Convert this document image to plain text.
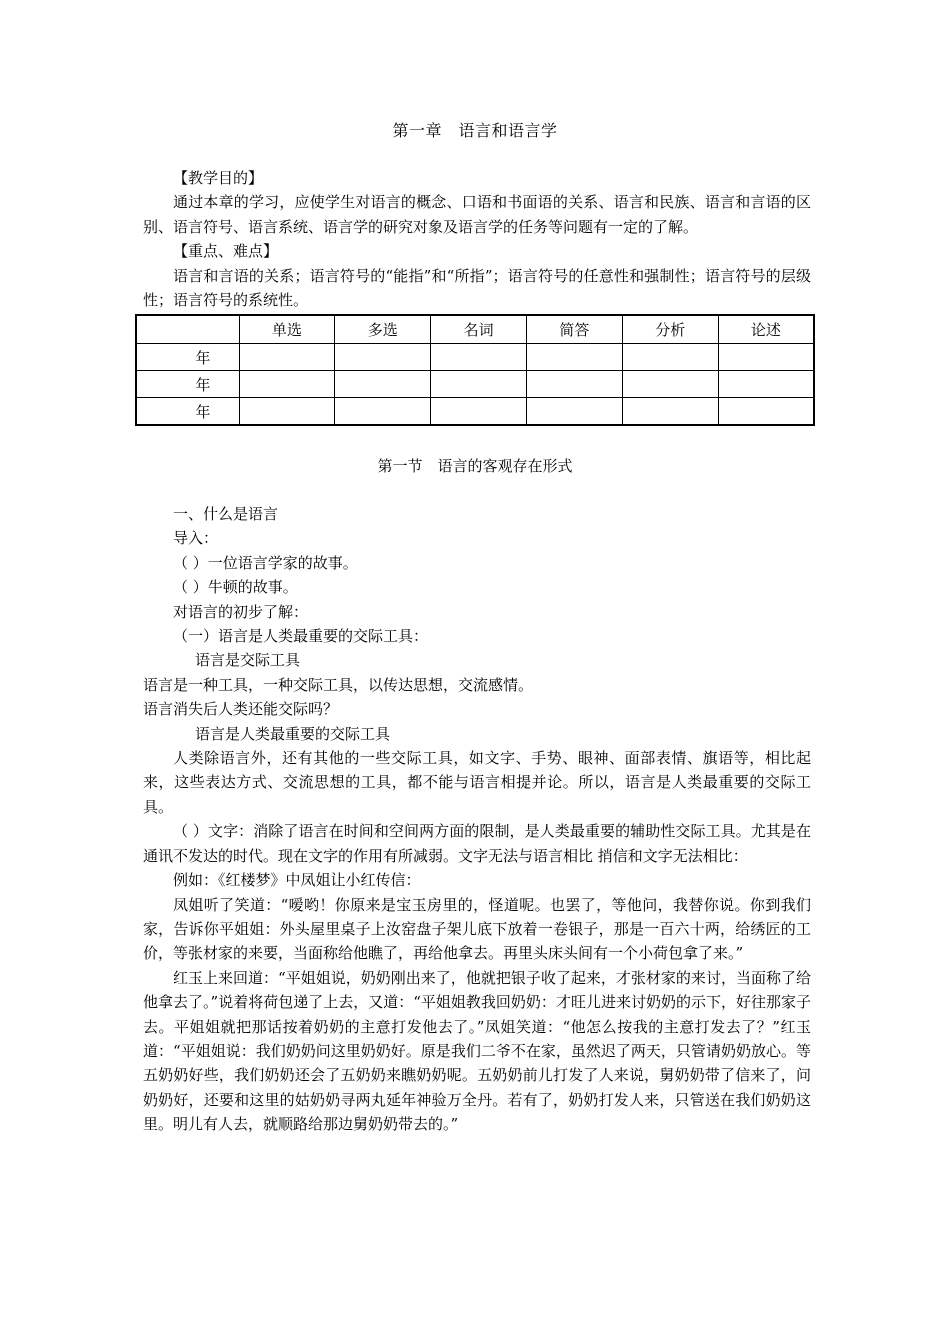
第一章　语言和语言学

【教学目的】

通过本章的学习，应使学生对语言的概念、口语和书面语的关系、语言和民族、语言和言语的区别、语言符号、语言系统、语言学的研究对象及语言学的任务等问题有一定的了解。

【重点、难点】

语言和言语的关系；语言符号的“能指”和“所指”；语言符号的任意性和强制性；语言符号的层级性；语言符号的系统性。

	单选	多选	名词	简答	分析	论述
年						
年						
年						
第一节　语言的客观存在形式

一、什么是语言

导入：

（ ）一位语言学家的故事。

（ ）牛顿的故事。

对语言的初步了解：

（一）语言是人类最重要的交际工具：

语言是交际工具

语言是一种工具，一种交际工具，以传达思想，交流感情。

语言消失后人类还能交际吗？

语言是人类最重要的交际工具

人类除语言外，还有其他的一些交际工具，如文字、手势、眼神、面部表情、旗语等，相比起来，这些表达方式、交流思想的工具，都不能与语言相提并论。所以，语言是人类最重要的交际工具。

（ ）文字：消除了语言在时间和空间两方面的限制，是人类最重要的辅助性交际工具。尤其是在通讯不发达的时代。现在文字的作用有所减弱。文字无法与语言相比 捎信和文字无法相比：

例如：《红楼梦》中凤姐让小红传信：

凤姐听了笑道：“嗳哟！你原来是宝玉房里的，怪道呢。也罢了，等他问，我替你说。你到我们家，告诉你平姐姐：外头屋里桌子上汝窑盘子架儿底下放着一卷银子，那是一百六十两，给绣匠的工价，等张材家的来要，当面称给他瞧了，再给他拿去。再里头床头间有一个小荷包拿了来。”

红玉上来回道：“平姐姐说，奶奶刚出来了，他就把银子收了起来，才张材家的来讨，当面称了给他拿去了。”说着将荷包递了上去，又道：“平姐姐教我回奶奶：才旺儿进来讨奶奶的示下，好往那家子去。平姐姐就把那话按着奶奶的主意打发他去了。”凤姐笑道：“他怎么按我的主意打发去了？”红玉道：“平姐姐说：我们奶奶问这里奶奶好。原是我们二爷不在家，虽然迟了两天，只管请奶奶放心。等五奶奶好些，我们奶奶还会了五奶奶来瞧奶奶呢。五奶奶前儿打发了人来说，舅奶奶带了信来了，问奶奶好，还要和这里的姑奶奶寻两丸延年神验万全丹。若有了，奶奶打发人来，只管送在我们奶奶这里。明儿有人去，就顺路给那边舅奶奶带去的。”
